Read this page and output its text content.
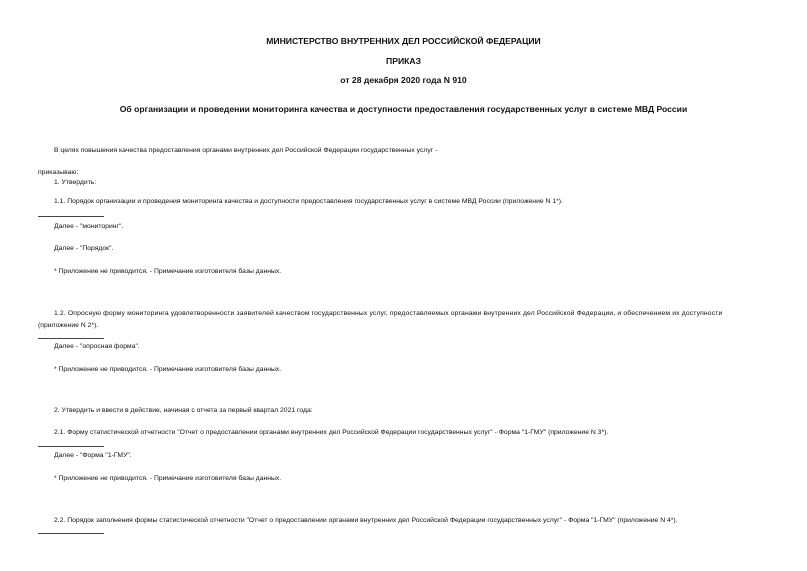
МИНИСТЕРСТВО ВНУТРЕННИХ ДЕЛ РОССИЙСКОЙ ФЕДЕРАЦИИ
ПРИКАЗ
от 28 декабря 2020 года N 910
Об организации и проведении мониторинга качества и доступности предоставления государственных услуг в системе МВД России
В целях повышения качества предоставления органами внутренних дел Российской Федерации государственных услуг -
приказываю:
1. Утвердить:
1.1. Порядок организации и проведения мониторинга качества и доступности предоставления государственных услуг в системе МВД России (приложение N 1*).
Далее - "мониторинг".
Далее - "Порядок".
* Приложение не приводится. - Примечание изготовителя базы данных.
1.2. Опросную форму мониторинга удовлетворенности заявителей качеством государственных услуг, предоставляемых органами внутренних дел Российской Федерации, и обеспечением их доступности
(приложение N 2*).
Далее - "опросная форма".
* Приложение не приводится. - Примечание изготовителя базы данных.
2. Утвердить и ввести в действие, начиная с отчета за первый квартал 2021 года:
2.1. Форму статистической отчетности "Отчет о предоставлении органами внутренних дел Российской Федерации государственных услуг" - Форма "1-ГМУ" (приложение N 3*).
Далее - "Форма "1-ГМУ".
* Приложение не приводится. - Примечание изготовителя базы данных.
2.2. Порядок заполнения формы статистической отчетности "Отчет о предоставлении органами внутренних дел Российской Федерации государственных услуг" - Форма "1-ГМУ" (приложение N 4*).
